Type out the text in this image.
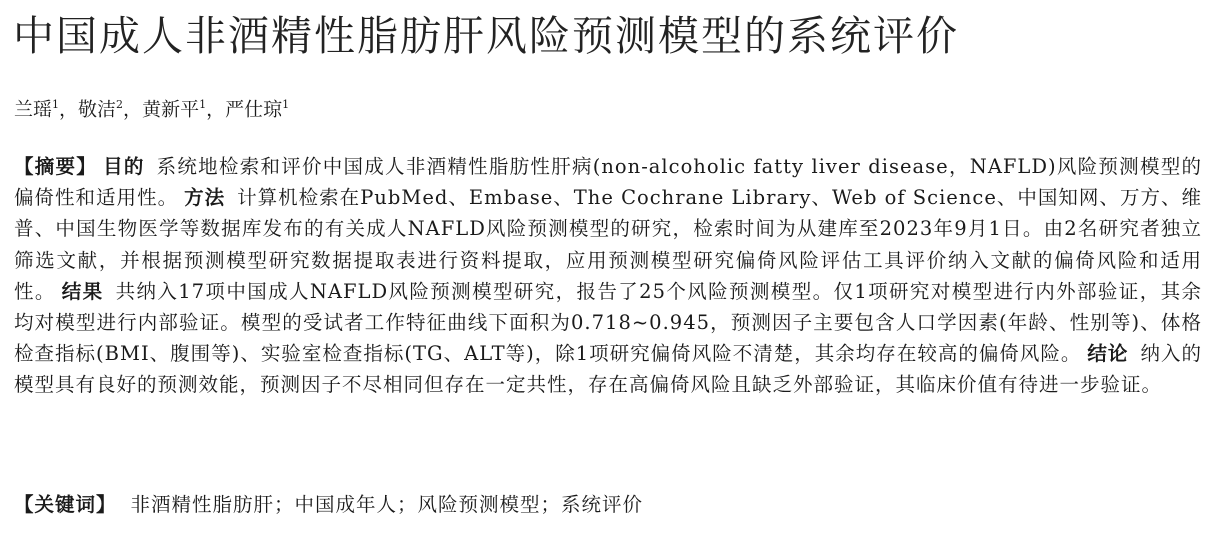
中国成人非酒精性脂肪肝风险预测模型的系统评价
兰瑶$^1$，敬洁$^2$，黄新平$^1$，严仕琼$^1$
【摘要】 目的 系统地检索和评价中国成人非酒精性脂肪性肝病(non-alcoholic fatty liver disease，NAFLD)风险预测模型的偏倚性和适用性。 方法 计算机检索在PubMed、Embase、The Cochrane Library、Web of Science、中国知网、万方、维普、中国生物医学等数据库发布的有关成人NAFLD风险预测模型的研究，检索时间为从建库至2023年9月1日。由2名研究者独立筛选文献，并根据预测模型研究数据提取表进行资料提取，应用预测模型研究偏倚风险评估工具评价纳入文献的偏倚风险和适用性。 结果 共纳入17项中国成人NAFLD风险预测模型研究，报告了25个风险预测模型。仅1项研究对模型进行内外部验证，其余均对模型进行内部验证。模型的受试者工作特征曲线下面积为0.718~0.945，预测因子主要包含人口学因素(年龄、性别等)、体格检查指标(BMI、腹围等)、实验室检查指标(TG、ALT等)，除1项研究偏倚风险不清楚，其余均存在较高的偏倚风险。 结论 纳入的模型具有良好的预测效能，预测因子不尽相同但存在一定共性，存在高偏倚风险且缺乏外部验证，其临床价值有待进一步验证。
【关键词】 非酒精性脂肪肝；中国成年人；风险预测模型；系统评价
